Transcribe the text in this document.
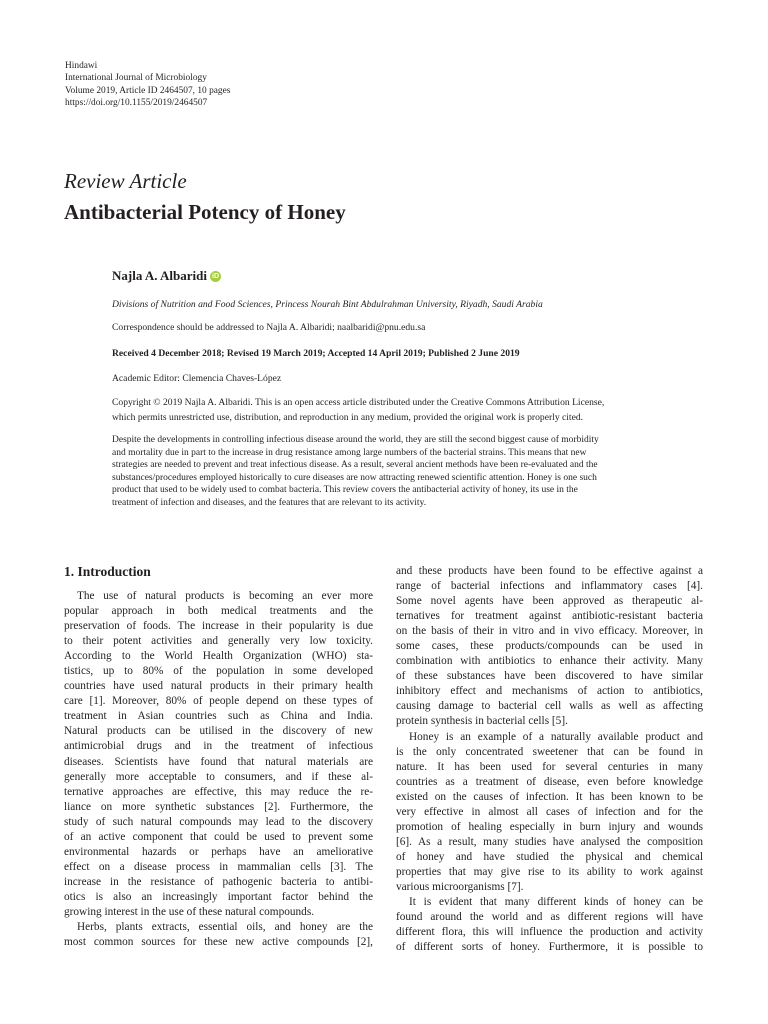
Hindawi
International Journal of Microbiology
Volume 2019, Article ID 2464507, 10 pages
https://doi.org/10.1155/2019/2464507
Review Article
Antibacterial Potency of Honey
Najla A. Albaridi iD
Divisions of Nutrition and Food Sciences, Princess Nourah Bint Abdulrahman University, Riyadh, Saudi Arabia
Correspondence should be addressed to Najla A. Albaridi; naalbaridi@pnu.edu.sa
Received 4 December 2018; Revised 19 March 2019; Accepted 14 April 2019; Published 2 June 2019
Academic Editor: Clemencia Chaves-López
Copyright © 2019 Najla A. Albaridi. This is an open access article distributed under the Creative Commons Attribution License,
which permits unrestricted use, distribution, and reproduction in any medium, provided the original work is properly cited.
Despite the developments in controlling infectious disease around the world, they are still the second biggest cause of morbidity
and mortality due in part to the increase in drug resistance among large numbers of the bacterial strains. This means that new
strategies are needed to prevent and treat infectious disease. As a result, several ancient methods have been re-evaluated and the
substances/procedures employed historically to cure diseases are now attracting renewed scientific attention. Honey is one such
product that used to be widely used to combat bacteria. This review covers the antibacterial activity of honey, its use in the
treatment of infection and diseases, and the features that are relevant to its activity.
1. Introduction
The use of natural products is becoming an ever more
popular approach in both medical treatments and the
preservation of foods. The increase in their popularity is due
to their potent activities and generally very low toxicity.
According to the World Health Organization (WHO) sta-
tistics, up to 80% of the population in some developed
countries have used natural products in their primary health
care [1]. Moreover, 80% of people depend on these types of
treatment in Asian countries such as China and India.
Natural products can be utilised in the discovery of new
antimicrobial drugs and in the treatment of infectious
diseases. Scientists have found that natural materials are
generally more acceptable to consumers, and if these al-
ternative approaches are effective, this may reduce the re-
liance on more synthetic substances [2]. Furthermore, the
study of such natural compounds may lead to the discovery
of an active component that could be used to prevent some
environmental hazards or perhaps have an ameliorative
effect on a disease process in mammalian cells [3]. The
increase in the resistance of pathogenic bacteria to antibi-
otics is also an increasingly important factor behind the
growing interest in the use of these natural compounds.
Herbs, plants extracts, essential oils, and honey are the
most common sources for these new active compounds [2],
and these products have been found to be effective against a
range of bacterial infections and inflammatory cases [4].
Some novel agents have been approved as therapeutic al-
ternatives for treatment against antibiotic-resistant bacteria
on the basis of their in vitro and in vivo efficacy. Moreover, in
some cases, these products/compounds can be used in
combination with antibiotics to enhance their activity. Many
of these substances have been discovered to have similar
inhibitory effect and mechanisms of action to antibiotics,
causing damage to bacterial cell walls as well as affecting
protein synthesis in bacterial cells [5].
Honey is an example of a naturally available product and
is the only concentrated sweetener that can be found in
nature. It has been used for several centuries in many
countries as a treatment of disease, even before knowledge
existed on the causes of infection. It has been known to be
very effective in almost all cases of infection and for the
promotion of healing especially in burn injury and wounds
[6]. As a result, many studies have analysed the composition
of honey and have studied the physical and chemical
properties that may give rise to its ability to work against
various microorganisms [7].
It is evident that many different kinds of honey can be
found around the world and as different regions will have
different flora, this will influence the production and activity
of different sorts of honey. Furthermore, it is possible to
